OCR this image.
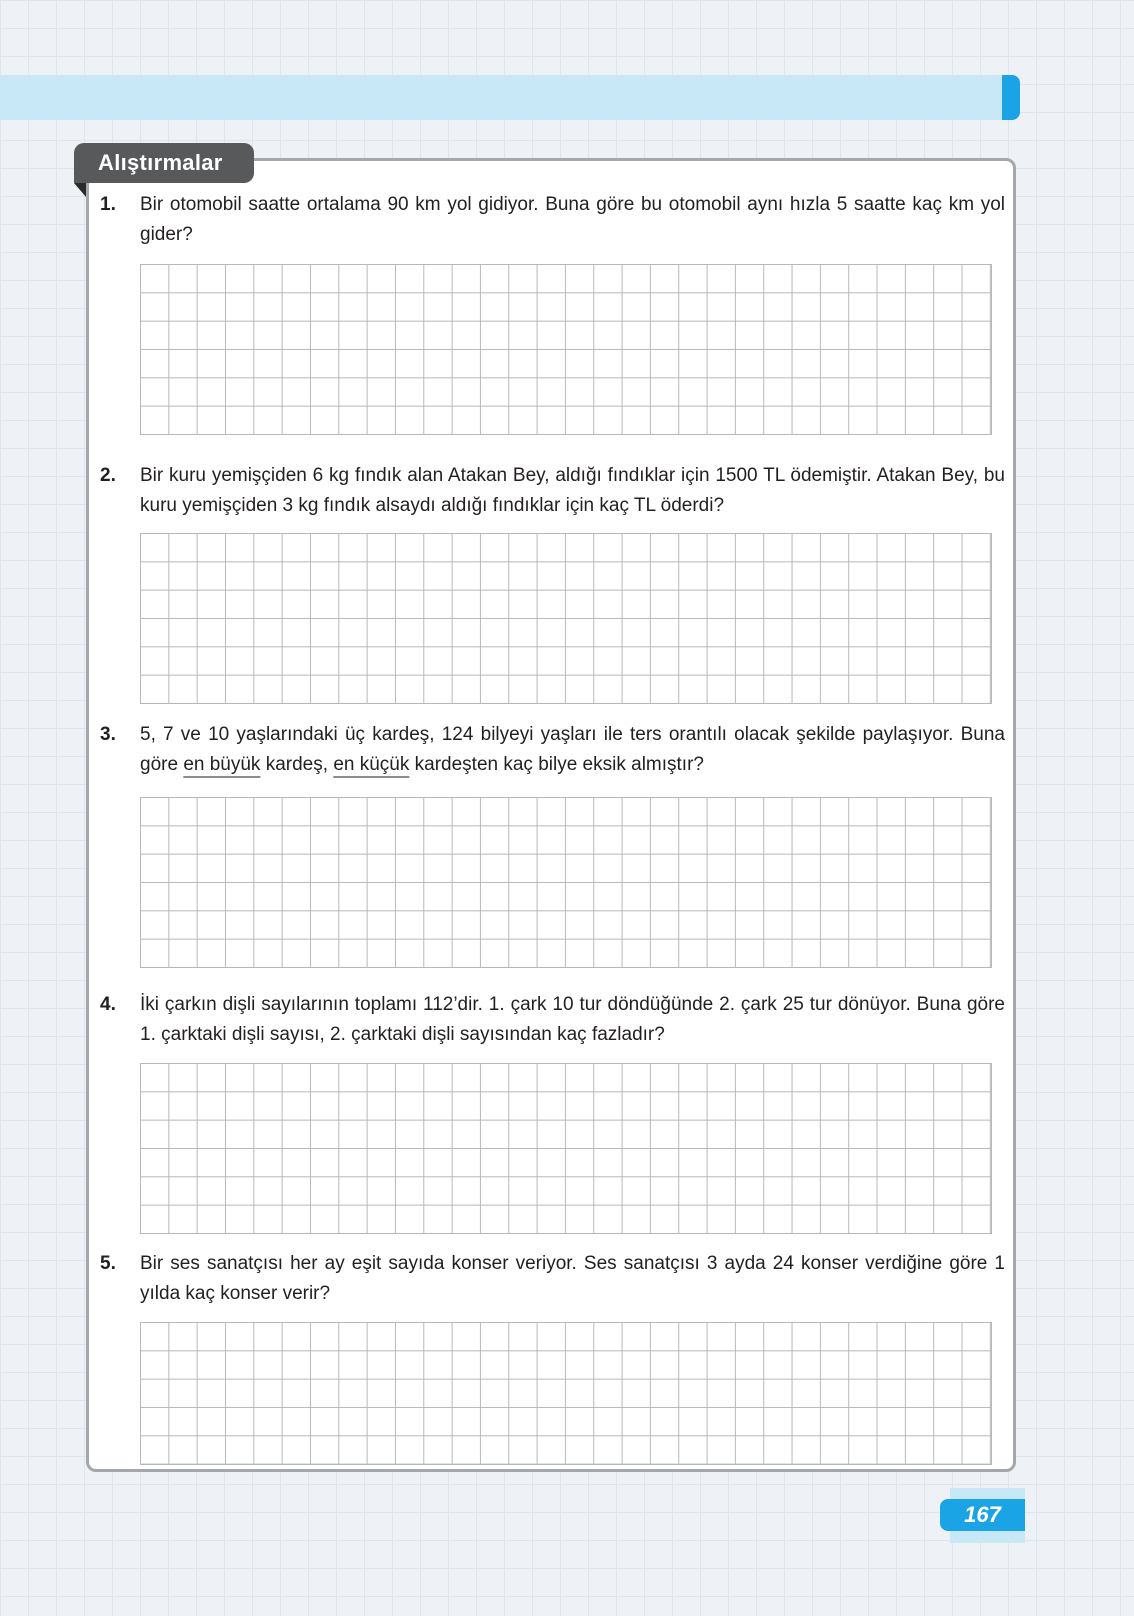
Alıştırmalar
1. Bir otomobil saatte ortalama 90 km yol gidiyor. Buna göre bu otomobil aynı hızla 5 saatte kaç km yol gider?
2. Bir kuru yemişçiden 6 kg fındık alan Atakan Bey, aldığı fındıklar için 1500 TL ödemiştir. Atakan Bey, bu kuru yemişçiden 3 kg fındık alsaydı aldığı fındıklar için kaç TL öderdi?
3. 5, 7 ve 10 yaşlarındaki üç kardeş, 124 bilyeyi yaşları ile ters orantılı olacak şekilde paylaşıyor. Buna göre en büyük kardeş, en küçük kardeşten kaç bilye eksik almıştır?
4. İki çarkın dişli sayılarının toplamı 112’dir. 1. çark 10 tur döndüğünde 2. çark 25 tur dönüyor. Buna göre 1. çarktaki dişli sayısı, 2. çarktaki dişli sayısından kaç fazladır?
5. Bir ses sanatçısı her ay eşit sayıda konser veriyor. Ses sanatçısı 3 ayda 24 konser verdiğine göre 1 yılda kaç konser verir?
167
